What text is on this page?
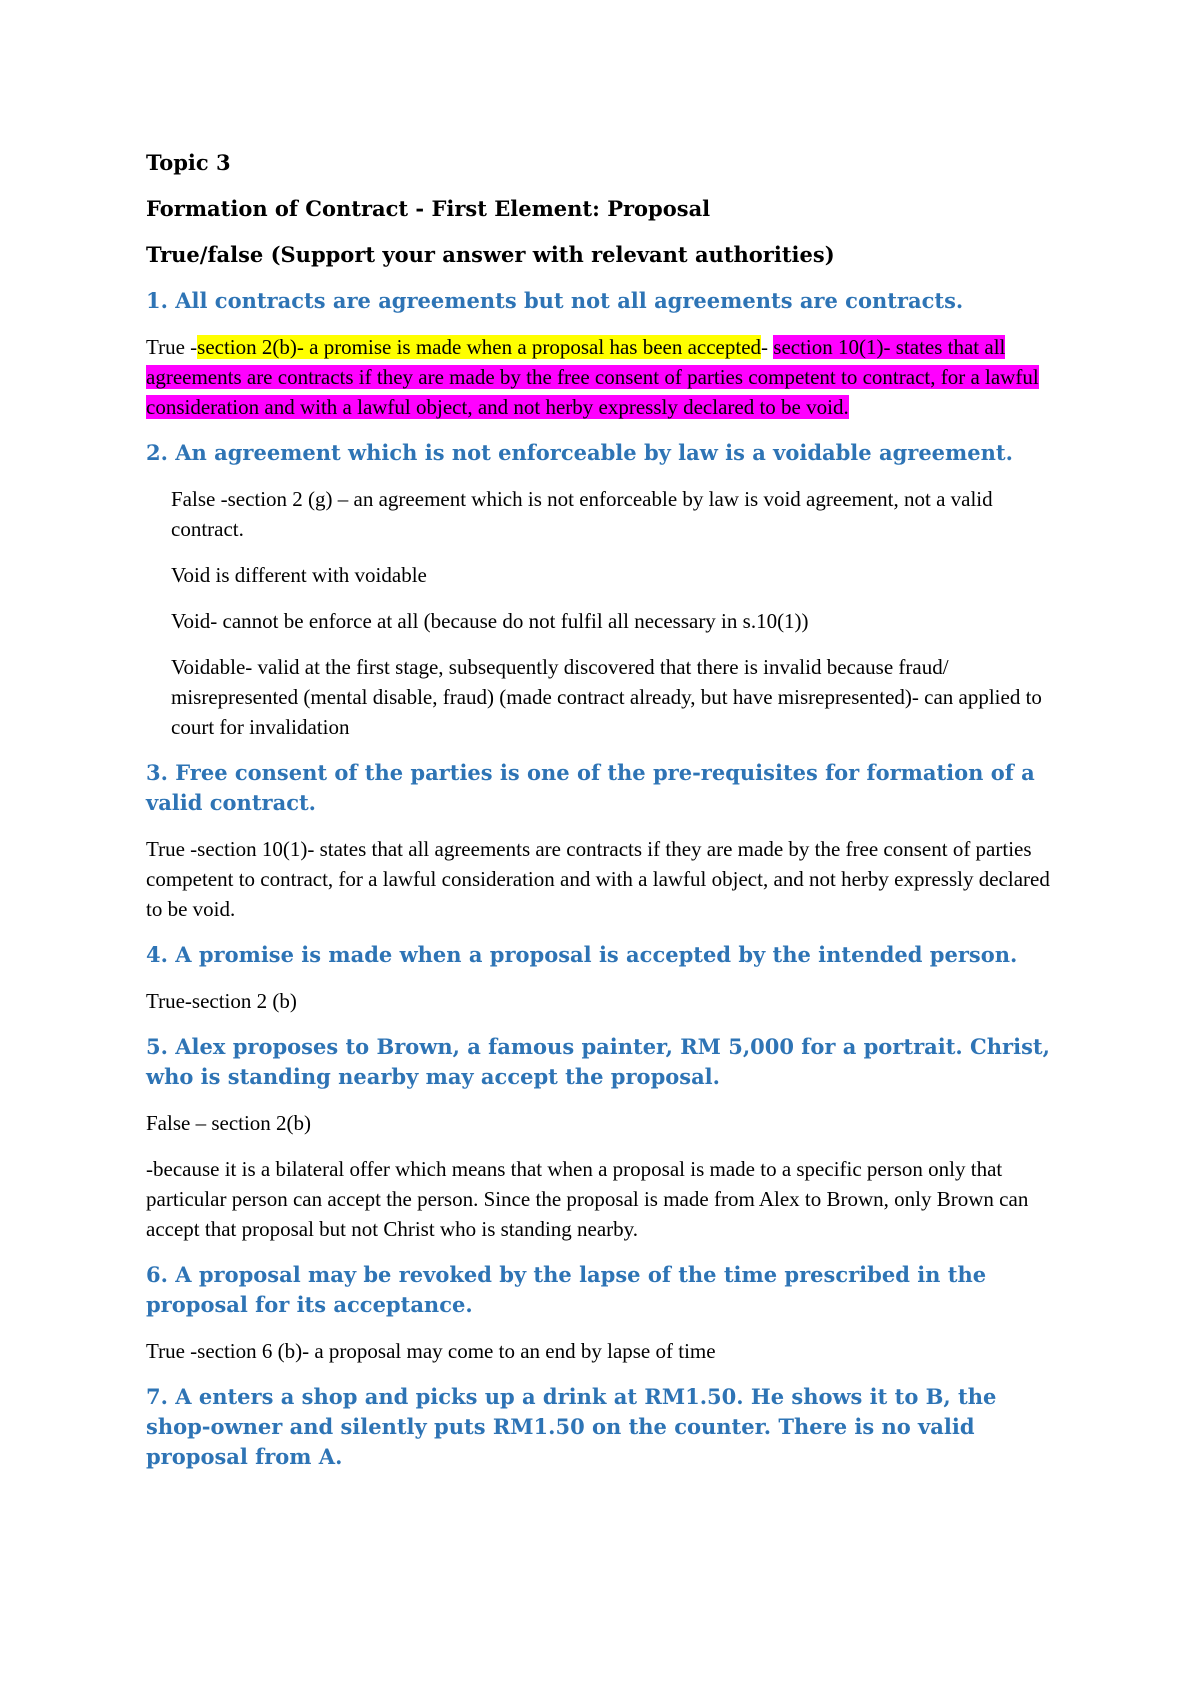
Topic 3
Formation of Contract - First Element: Proposal
True/false (Support your answer with relevant authorities)
1. All contracts are agreements but not all agreements are contracts.
True -section 2(b)- a promise is made when a proposal has been accepted- section 10(1)- states that all agreements are contracts if they are made by the free consent of parties competent to contract, for a lawful consideration and with a lawful object, and not herby expressly declared to be void.
2. An agreement which is not enforceable by law is a voidable agreement.
False -section 2 (g) – an agreement which is not enforceable by law is void agreement, not a valid contract.
Void is different with voidable
Void- cannot be enforce at all (because do not fulfil all necessary in s.10(1))
Voidable- valid at the first stage, subsequently discovered that there is invalid because fraud/ misrepresented (mental disable, fraud) (made contract already, but have misrepresented)- can applied to court for invalidation
3. Free consent of the parties is one of the pre-requisites for formation of a valid contract.
True -section 10(1)- states that all agreements are contracts if they are made by the free consent of parties competent to contract, for a lawful consideration and with a lawful object, and not herby expressly declared to be void.
4. A promise is made when a proposal is accepted by the intended person.
True-section 2 (b)
5. Alex proposes to Brown, a famous painter, RM 5,000 for a portrait. Christ, who is standing nearby may accept the proposal.
False – section 2(b)
-because it is a bilateral offer which means that when a proposal is made to a specific person only that particular person can accept the person. Since the proposal is made from Alex to Brown, only Brown can accept that proposal but not Christ who is standing nearby.
6. A proposal may be revoked by the lapse of the time prescribed in the proposal for its acceptance.
True -section 6 (b)- a proposal may come to an end by lapse of time
7. A enters a shop and picks up a drink at RM1.50. He shows it to B, the shop-owner and silently puts RM1.50 on the counter. There is no valid proposal from A.
